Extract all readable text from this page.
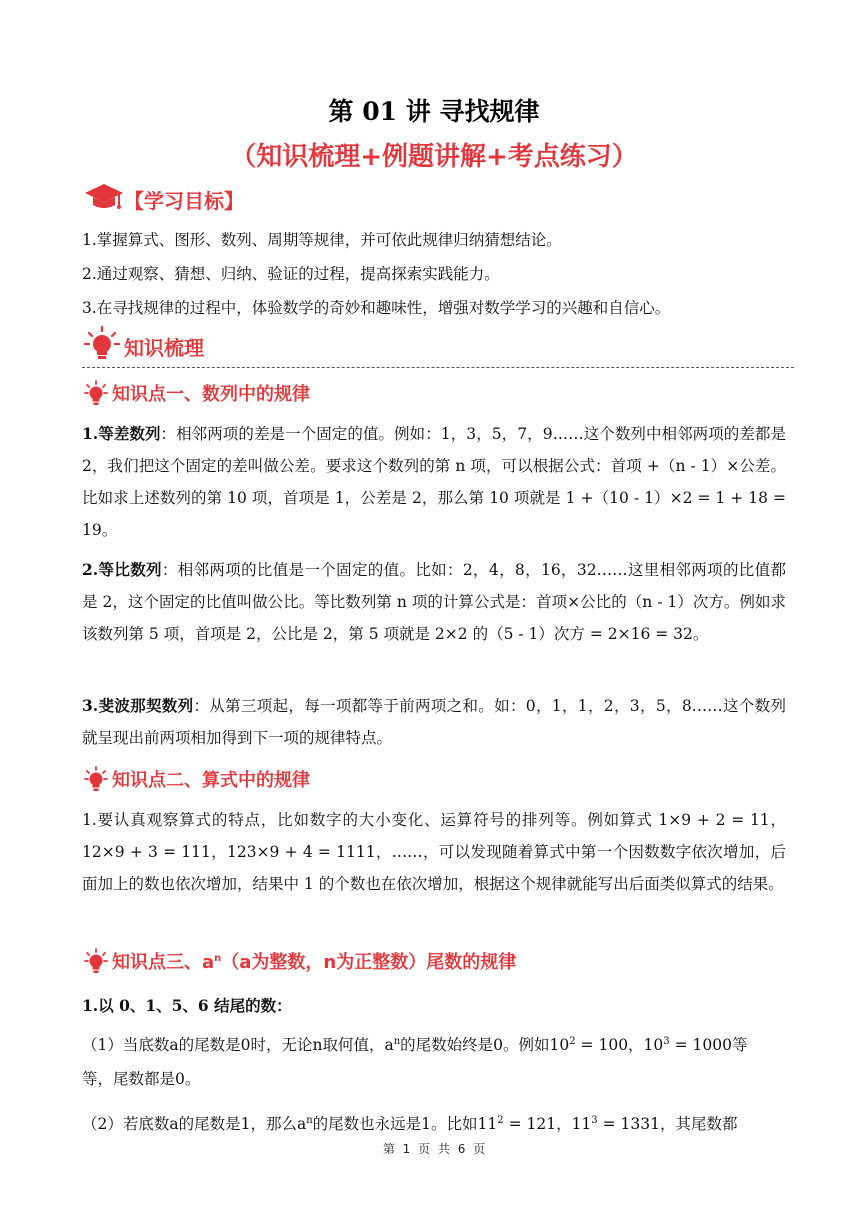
第 01 讲 寻找规律
（知识梳理+例题讲解+考点练习）
【学习目标】
1.掌握算式、图形、数列、周期等规律，并可依此规律归纳猜想结论。
2.通过观察、猜想、归纳、验证的过程，提高探索实践能力。
3.在寻找规律的过程中，体验数学的奇妙和趣味性，增强对数学学习的兴趣和自信心。
知识梳理
知识点一、数列中的规律
1.等差数列：相邻两项的差是一个固定的值。例如：1，3，5，7，9……这个数列中相邻两项的差都是 2，我们把这个固定的差叫做公差。要求这个数列的第 n 项，可以根据公式：首项 +（n - 1）×公差。比如求上述数列的第 10 项，首项是 1，公差是 2，那么第 10 项就是 1 +（10 - 1）×2 = 1 + 18 = 19。
2.等比数列：相邻两项的比值是一个固定的值。比如：2，4，8，16，32……这里相邻两项的比值都是 2，这个固定的比值叫做公比。等比数列第 n 项的计算公式是：首项×公比的（n - 1）次方。例如求该数列第 5 项，首项是 2，公比是 2，第 5 项就是 2×2 的（5 - 1）次方 = 2×16 = 32。
3.斐波那契数列：从第三项起，每一项都等于前两项之和。如：0，1，1，2，3，5，8……这个数列就呈现出前两项相加得到下一项的规律特点。
知识点二、算式中的规律
1.要认真观察算式的特点，比如数字的大小变化、运算符号的排列等。例如算式 1×9 + 2 = 11，12×9 + 3 = 111，123×9 + 4 = 1111，……，可以发现随着算式中第一个因数数字依次增加，后面加上的数也依次增加，结果中 1 的个数也在依次增加，根据这个规律就能写出后面类似算式的结果。
知识点三、$a^n(a$为整数，n为正整数）尾数的规律
1.以 0、1、5、6 结尾的数：
（1）当底数a的尾数是0时，无论n取何值，$a^n$的尾数始终是0。例如$10^2 = 100$，$10^3 = 1000$等
等，尾数都是0。
（2）若底数a的尾数是1，那么$a^n$的尾数也永远是1。比如$11^2 = 121$，$11^3 = 1331$，其尾数都
第 1 页 共 6 页
